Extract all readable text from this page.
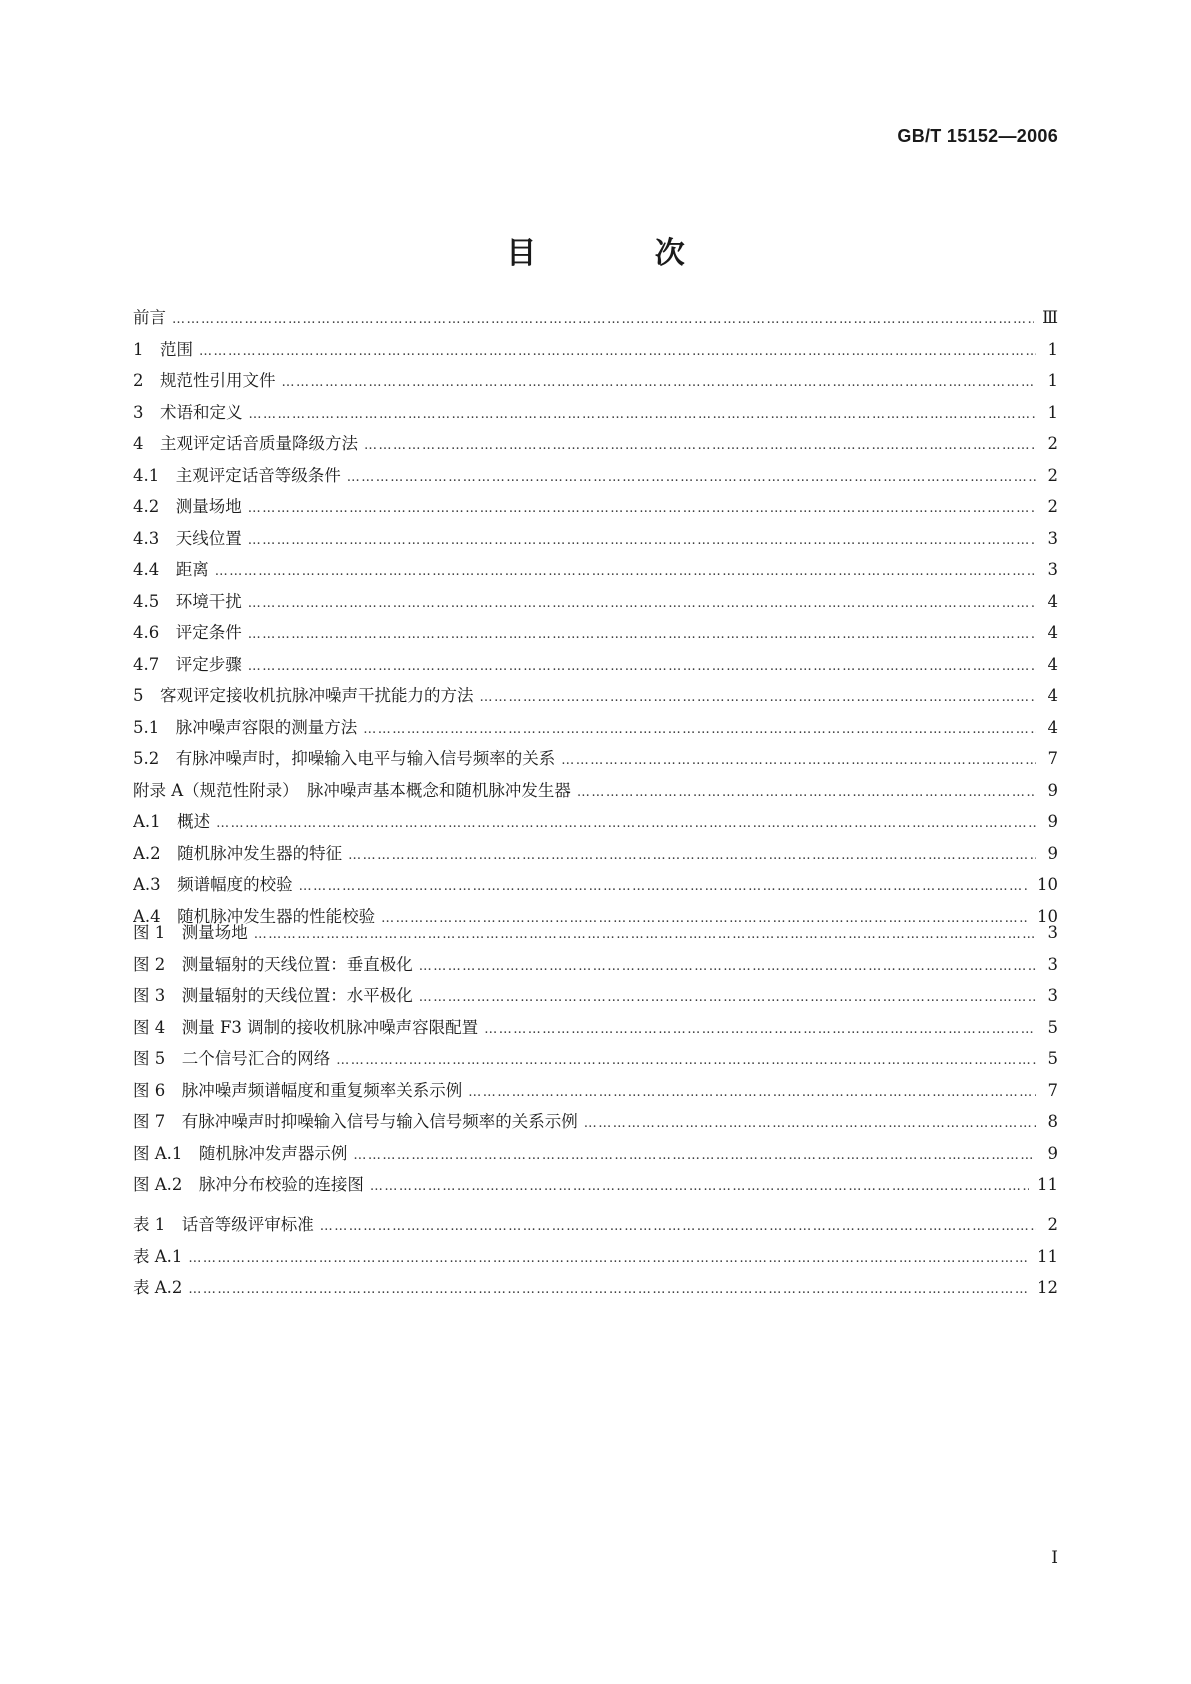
GB/T 15152—2006
目 次
前言 …………………………………………………………………………………………………………………………………………………………………………………………………………………………	Ⅲ
1　范围 …………………………………………………………………………………………………………………………………………………………………………………………………………………………	1
2　规范性引用文件 …………………………………………………………………………………………………………………………………………………………………………………………………………………………	1
3　术语和定义 …………………………………………………………………………………………………………………………………………………………………………………………………………………………	1
4　主观评定话音质量降级方法 …………………………………………………………………………………………………………………………………………………………………………………………………………………………	2
4.1　主观评定话音等级条件 …………………………………………………………………………………………………………………………………………………………………………………………………………………………	2
4.2　测量场地 …………………………………………………………………………………………………………………………………………………………………………………………………………………………	2
4.3　天线位置 …………………………………………………………………………………………………………………………………………………………………………………………………………………………	3
4.4　距离 …………………………………………………………………………………………………………………………………………………………………………………………………………………………	3
4.5　环境干扰 …………………………………………………………………………………………………………………………………………………………………………………………………………………………	4
4.6　评定条件 …………………………………………………………………………………………………………………………………………………………………………………………………………………………	4
4.7　评定步骤 …………………………………………………………………………………………………………………………………………………………………………………………………………………………	4
5　客观评定接收机抗脉冲噪声干扰能力的方法 …………………………………………………………………………………………………………………………………………………………………………………………………………………………	4
5.1　脉冲噪声容限的测量方法 …………………………………………………………………………………………………………………………………………………………………………………………………………………………	4
5.2　有脉冲噪声时，抑噪输入电平与输入信号频率的关系 …………………………………………………………………………………………………………………………………………………………………………………………………………………………	7
附录 A（规范性附录）　脉冲噪声基本概念和随机脉冲发生器 …………………………………………………………………………………………………………………………………………………………………………………………………………………………	9
A.1　概述 …………………………………………………………………………………………………………………………………………………………………………………………………………………………	9
A.2　随机脉冲发生器的特征 …………………………………………………………………………………………………………………………………………………………………………………………………………………………	9
A.3　频谱幅度的校验 …………………………………………………………………………………………………………………………………………………………………………………………………………………………	10
A.4　随机脉冲发生器的性能校验 …………………………………………………………………………………………………………………………………………………………………………………………………………………………	10
图 1　测量场地 …………………………………………………………………………………………………………………………………………………………………………………………………………………………	3
图 2　测量辐射的天线位置：垂直极化 …………………………………………………………………………………………………………………………………………………………………………………………………………………………	3
图 3　测量辐射的天线位置：水平极化 …………………………………………………………………………………………………………………………………………………………………………………………………………………………	3
图 4　测量 F3 调制的接收机脉冲噪声容限配置 …………………………………………………………………………………………………………………………………………………………………………………………………………………………	5
图 5　二个信号汇合的网络 …………………………………………………………………………………………………………………………………………………………………………………………………………………………	5
图 6　脉冲噪声频谱幅度和重复频率关系示例 …………………………………………………………………………………………………………………………………………………………………………………………………………………………	7
图 7　有脉冲噪声时抑噪输入信号与输入信号频率的关系示例 …………………………………………………………………………………………………………………………………………………………………………………………………………………………	8
图 A.1　随机脉冲发声器示例 …………………………………………………………………………………………………………………………………………………………………………………………………………………………	9
图 A.2　脉冲分布校验的连接图 …………………………………………………………………………………………………………………………………………………………………………………………………………………………	11
表 1　话音等级评审标准 …………………………………………………………………………………………………………………………………………………………………………………………………………………………	2
表 A.1 …………………………………………………………………………………………………………………………………………………………………………………………………………………………	11
表 A.2 …………………………………………………………………………………………………………………………………………………………………………………………………………………………	12
I
